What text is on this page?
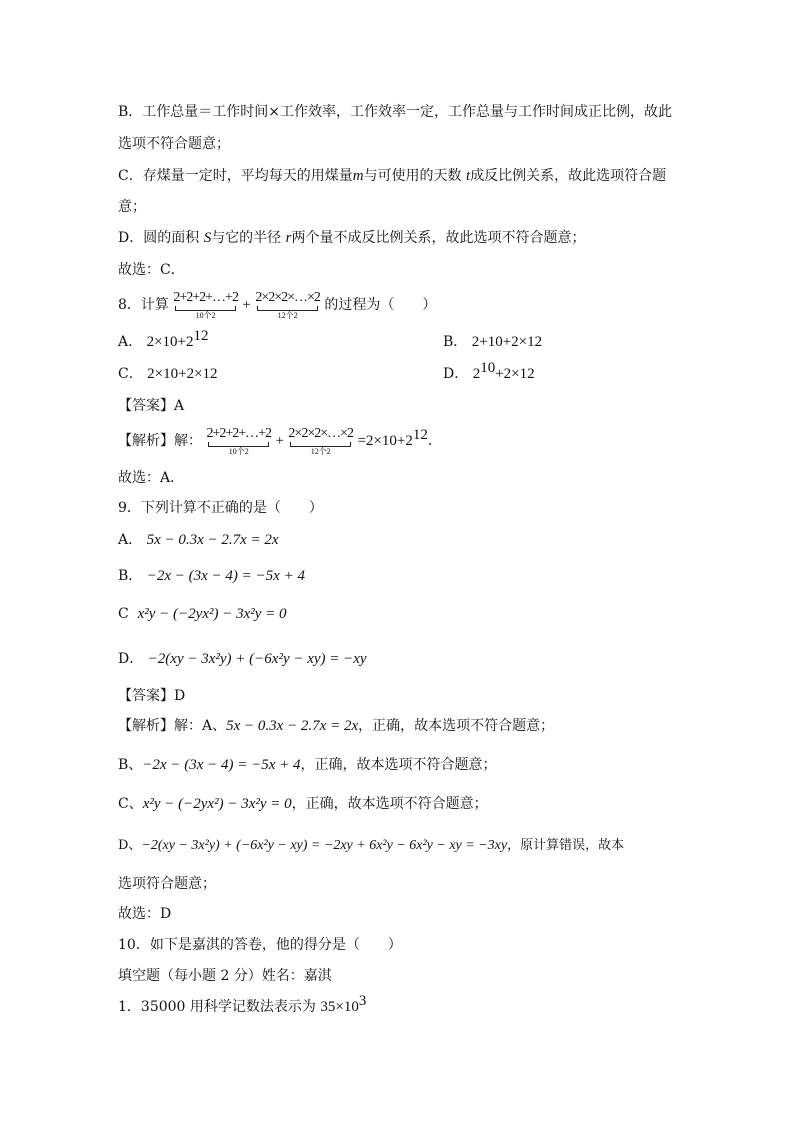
B．工作总量＝工作时间×工作效率，工作效率一定，工作总量与工作时间成正比例，故此
选项不符合题意；
C．存煤量一定时，平均每天的用煤量m与可使用的天数 t成反比例关系，故此选项符合题
意；
D．圆的面积 S与它的半径 r两个量不成反比例关系，故此选项不符合题意；
故选：C．
8．计算 2+2+2+…+2
10个2
+ 2×2×2×…×2
12个2
的过程为（　　）
A． $2\times 10+2^{12}$	B． 2+10+2×12
C． 2×10+2×12	D． $2^{10}+2\times 12$
【答案】A
【解析】解： 2+2+2+…+2
10个2
+ 2×2×2×…×2
12个2
$=2\times 10+2^{12}$．
故选：A．
9．下列计算不正确的是（　　）
A． 5x − 0.3x − 2.7x = 2x
B． −2x − (3x − 4) = −5x + 4
C x²y − (−2yx²) − 3x²y = 0
D． −2(xy − 3x²y) + (−6x²y − xy) = −xy
【答案】D
【解析】解：A、5x − 0.3x − 2.7x = 2x，正确，故本选项不符合题意；
B、−2x − (3x − 4) = −5x + 4，正确，故本选项不符合题意；
C、x²y − (−2yx²) − 3x²y = 0，正确，故本选项不符合题意；
D、−2(xy − 3x²y) + (−6x²y − xy) = −2xy + 6x²y − 6x²y − xy = −3xy，原计算错误，故本
选项符合题意；
故选：D
10．如下是嘉淇的答卷，他的得分是（　　）
填空题（每小题 2 分）姓名：嘉淇
1．35000 用科学记数法表示为 $35\times 10^3$
